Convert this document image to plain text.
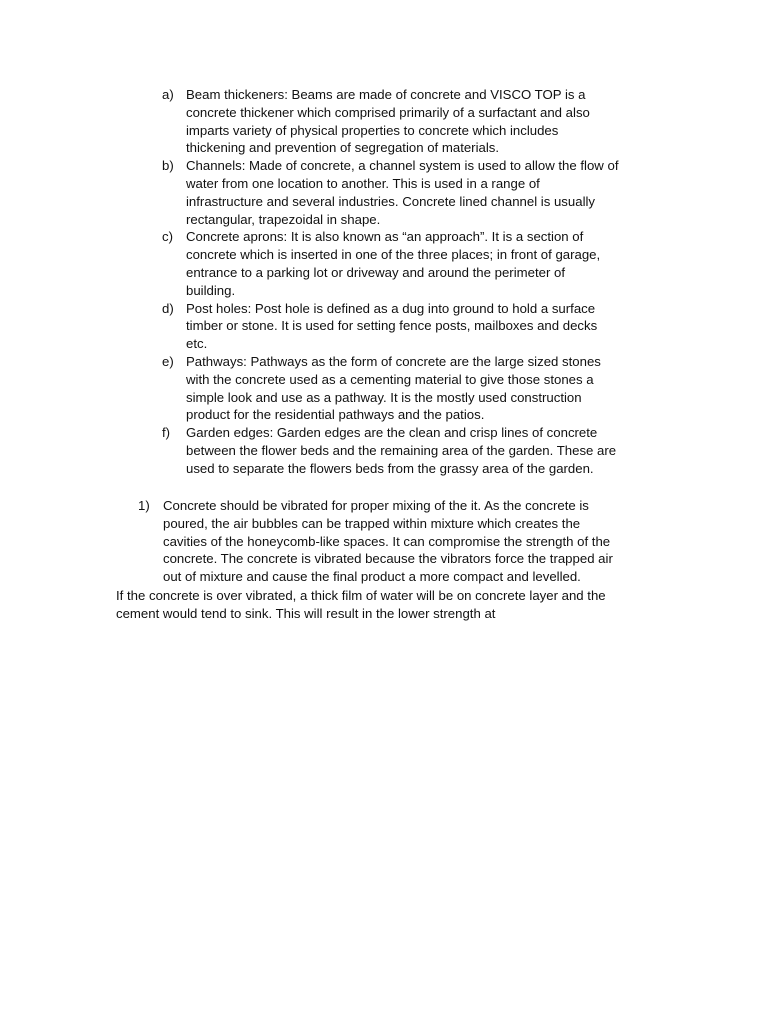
a) Beam thickeners: Beams are made of concrete and VISCO TOP is a
concrete thickener which comprised primarily of a surfactant and also
imparts variety of physical properties to concrete which includes
thickening and prevention of segregation of materials.
b) Channels: Made of concrete, a channel system is used to allow the flow of
water from one location to another. This is used in a range of
infrastructure and several industries. Concrete lined channel is usually
rectangular, trapezoidal in shape.
c) Concrete aprons: It is also known as “an approach”. It is a section of
concrete which is inserted in one of the three places; in front of garage,
entrance to a parking lot or driveway and around the perimeter of
building.
d) Post holes: Post hole is defined as a dug into ground to hold a surface
timber or stone. It is used for setting fence posts, mailboxes and decks
etc.
e) Pathways: Pathways as the form of concrete are the large sized stones
with the concrete used as a cementing material to give those stones a
simple look and use as a pathway. It is the mostly used construction
product for the residential pathways and the patios.
f)	Garden edges: Garden edges are the clean and crisp lines of concrete
between the flower beds and the remaining area of the garden. These are
used to separate the flowers beds from the grassy area of the garden.
1)	Concrete should be vibrated for proper mixing of the it. As the concrete is
poured, the air bubbles can be trapped within mixture which creates the
cavities of the honeycomb-like spaces. It can compromise the strength of the
concrete. The concrete is vibrated because the vibrators force the trapped air
out of mixture and cause the final product a more compact and levelled.
If the concrete is over vibrated, a thick film of water will be on concrete layer and the
cement would tend to sink. This will result in the lower strength at
